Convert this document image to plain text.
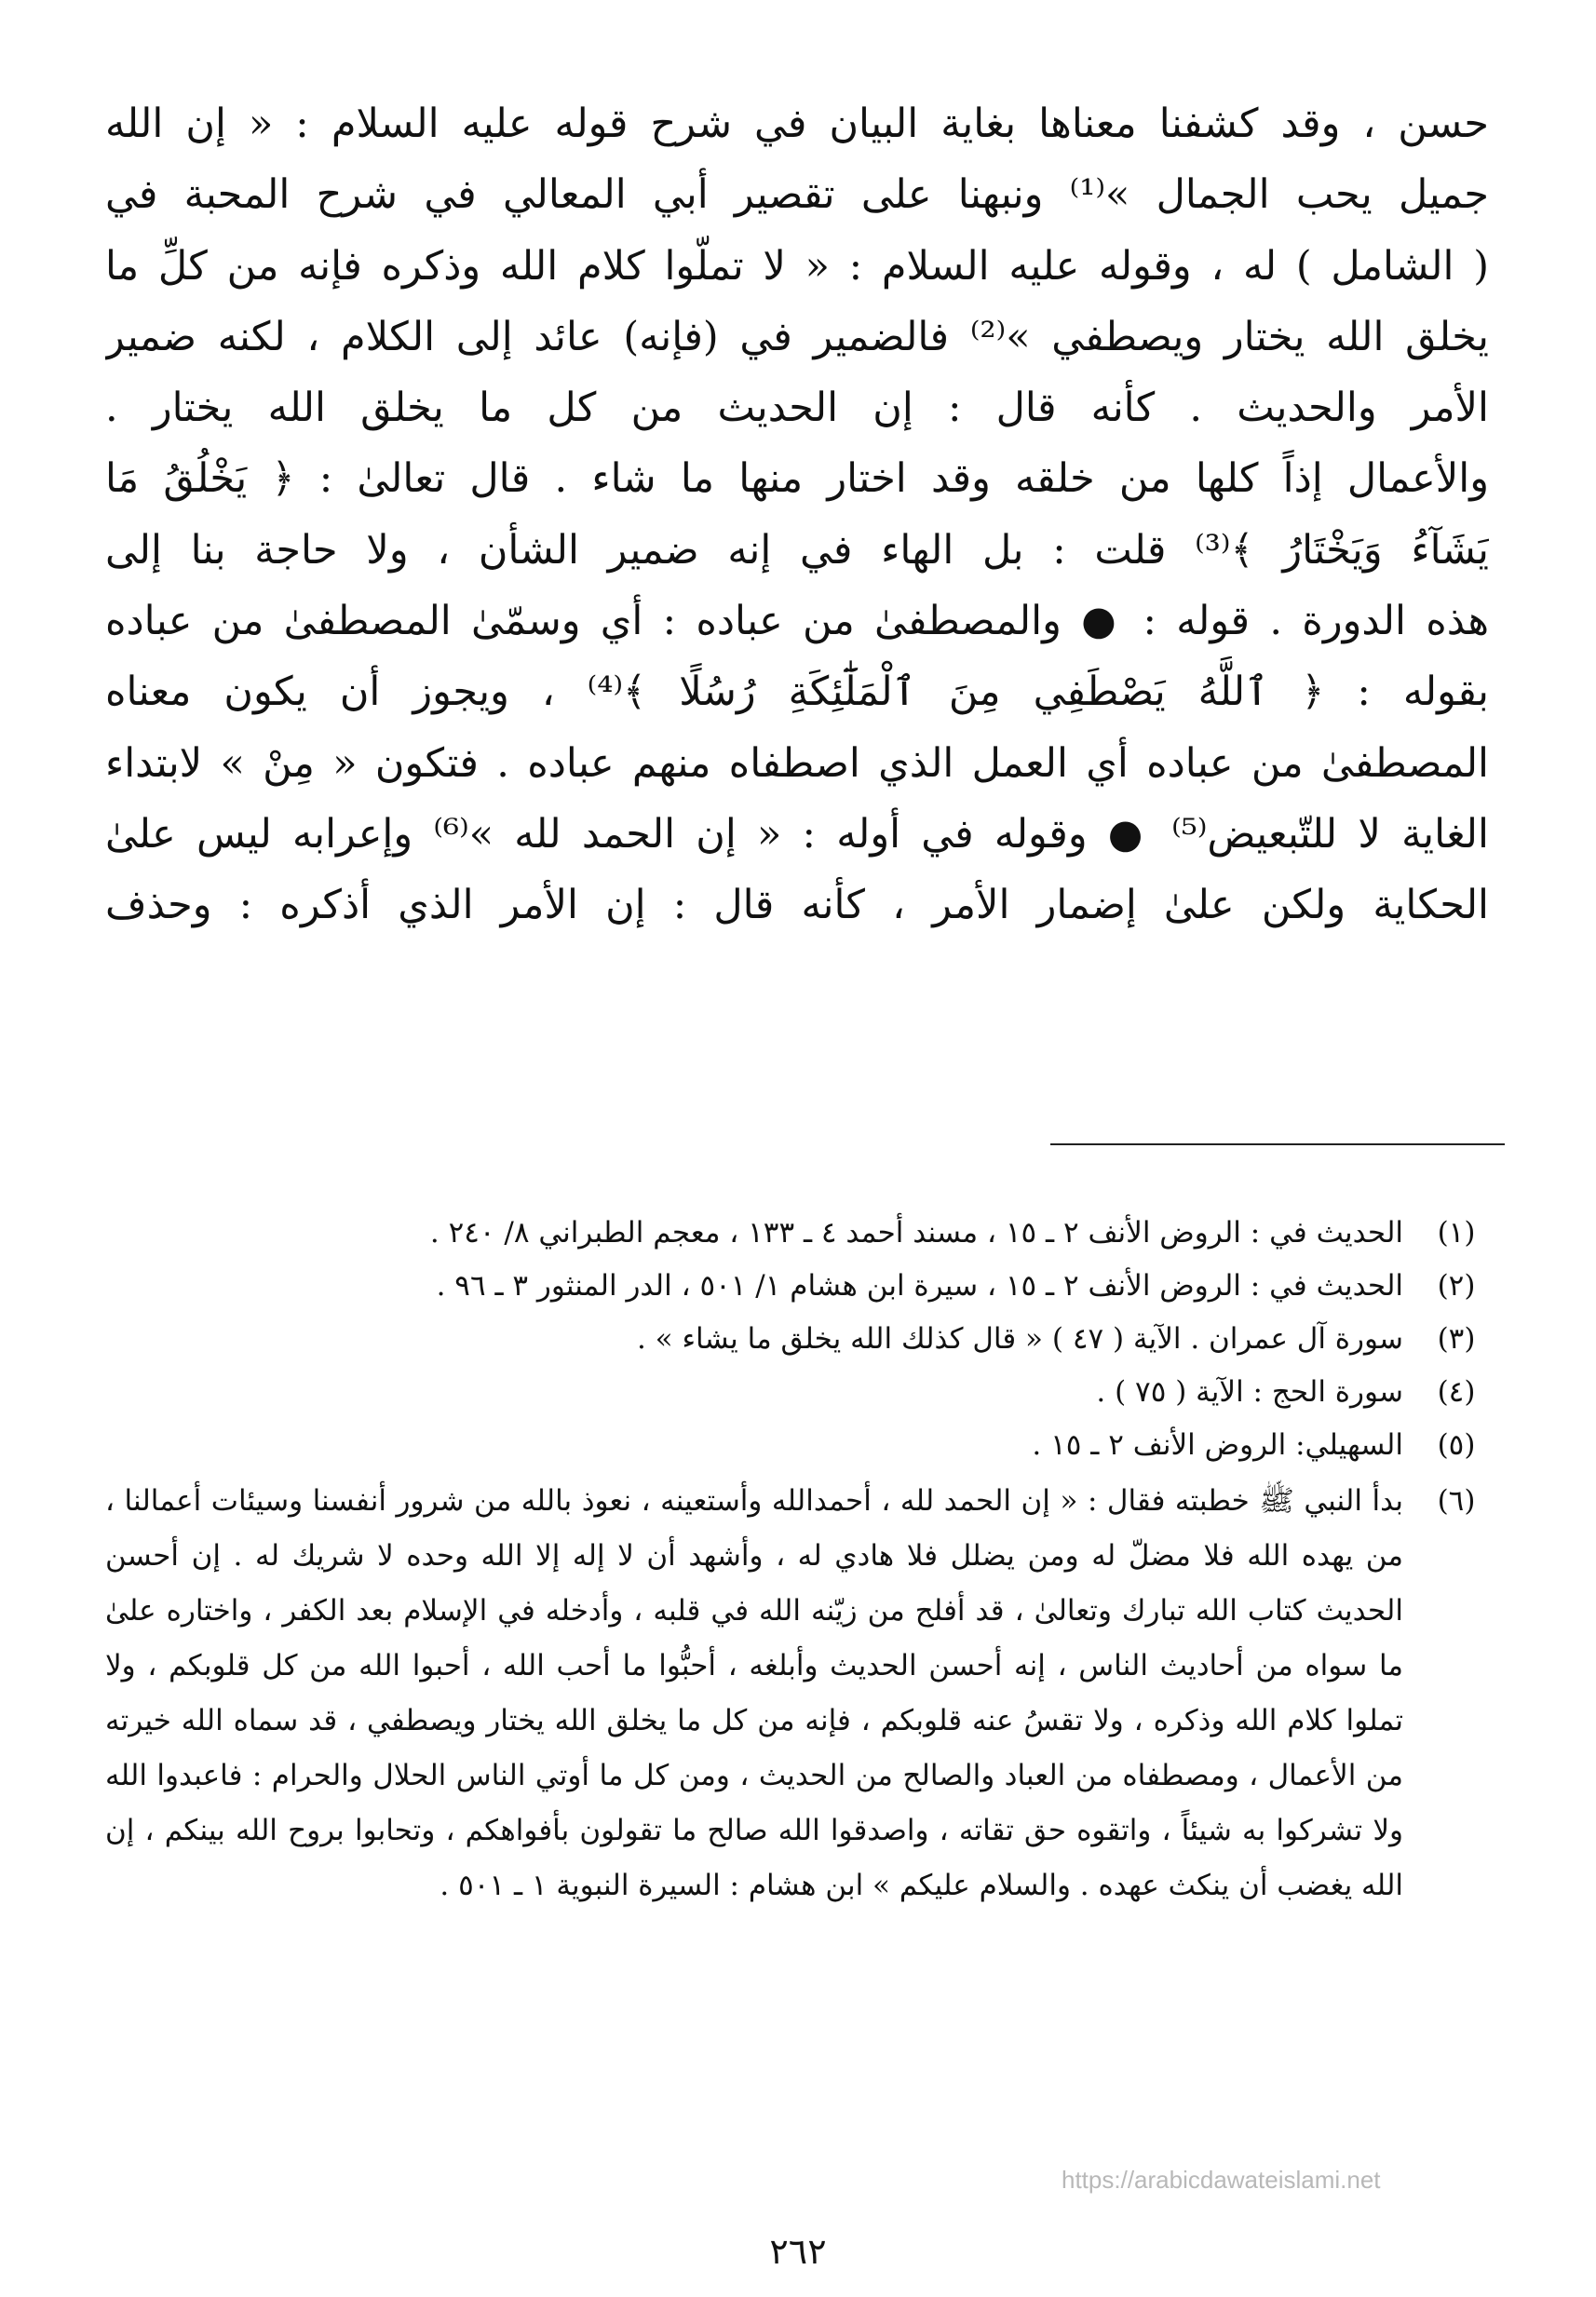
حسن ، وقد كشفنا معناها بغاية البيان في شرح قوله عليه السلام : « إن الله

جميل يحب الجمال »⁽¹⁾ ونبهنا على تقصير أبي المعالي في شرح المحبة في

( الشامل ) له ، وقوله عليه السلام : « لا تملّوا كلام الله وذكره فإنه من كلِّ ما

يخلق الله يختار ويصطفي »⁽²⁾ فالضمير في (فإنه) عائد إلى الكلام ، لكنه ضمير

الأمر والحديث . كأنه قال : إن الحديث من كل ما يخلق الله يختار .

والأعمال إذاً كلها من خلقه وقد اختار منها ما شاء . قال تعالىٰ : ﴿ يَخْلُقُ مَا

يَشَآءُ وَيَخْتَارُ ﴾⁽³⁾ قلت : بل الهاء في إنه ضمير الشأن ، ولا حاجة بنا إلى

هذه الدورة . قوله : ● والمصطفىٰ من عباده : أي وسمّىٰ المصطفىٰ من عباده

بقوله : ﴿ ٱللَّهُ يَصْطَفِي مِنَ ٱلْمَلَٰٓئِكَةِ رُسُلًا ﴾⁽⁴⁾ ، ويجوز أن يكون معناه

المصطفىٰ من عباده أي العمل الذي اصطفاه منهم عباده . فتكون « مِنْ » لابتداء

الغاية لا للتّبعيض⁽⁵⁾ ● وقوله في أوله : « إن الحمد لله »⁽⁶⁾ وإعرابه ليس علىٰ

الحكاية ولكن علىٰ إضمار الأمر ، كأنه قال : إن الأمر الذي أذكره : وحذف

(١)
الحديث في : الروض الأنف ٢ ـ ١٥ ، مسند أحمد ٤ ـ ١٣٣ ، معجم الطبراني ٨/ ٢٤٠ .
(٢)
الحديث في : الروض الأنف ٢ ـ ١٥ ، سيرة ابن هشام ١/ ٥٠١ ، الدر المنثور ٣ ـ ٩٦ .
(٣)
سورة آل عمران . الآية ( ٤٧ ) « قال كذلك الله يخلق ما يشاء » .
(٤)
سورة الحج : الآية ( ٧٥ ) .
(٥)
السهيلي: الروض الأنف ٢ ـ ١٥ .
(٦)
بدأ النبي ﷺ خطبته فقال : « إن الحمد لله ، أحمدالله وأستعينه ، نعوذ بالله من شرور أنفسنا وسيئات أعمالنا ، من يهده الله فلا مضلّ له ومن يضلل فلا هادي له ، وأشهد أن لا إله إلا الله وحده لا شريك له . إن أحسن الحديث كتاب الله تبارك وتعالىٰ ، قد أفلح من زيّنه الله في قلبه ، وأدخله في الإسلام بعد الكفر ، واختاره علىٰ ما سواه من أحاديث الناس ، إنه أحسن الحديث وأبلغه ، أحبُّوا ما أحب الله ، أحبوا الله من كل قلوبكم ، ولا تملوا كلام الله وذكره ، ولا تقسُ عنه قلوبكم ، فإنه من كل ما يخلق الله يختار ويصطفي ، قد سماه الله خيرته من الأعمال ، ومصطفاه من العباد والصالح من الحديث ، ومن كل ما أوتي الناس الحلال والحرام : فاعبدوا الله ولا تشركوا به شيئاً ، واتقوه حق تقاته ، واصدقوا الله صالح ما تقولون بأفواهكم ، وتحابوا بروح الله بينكم ، إن الله يغضب أن ينكث عهده . والسلام عليكم » ابن هشام : السيرة النبوية ١ ـ ٥٠١ .
https://arabicdawateislami.net
٢٦٢
